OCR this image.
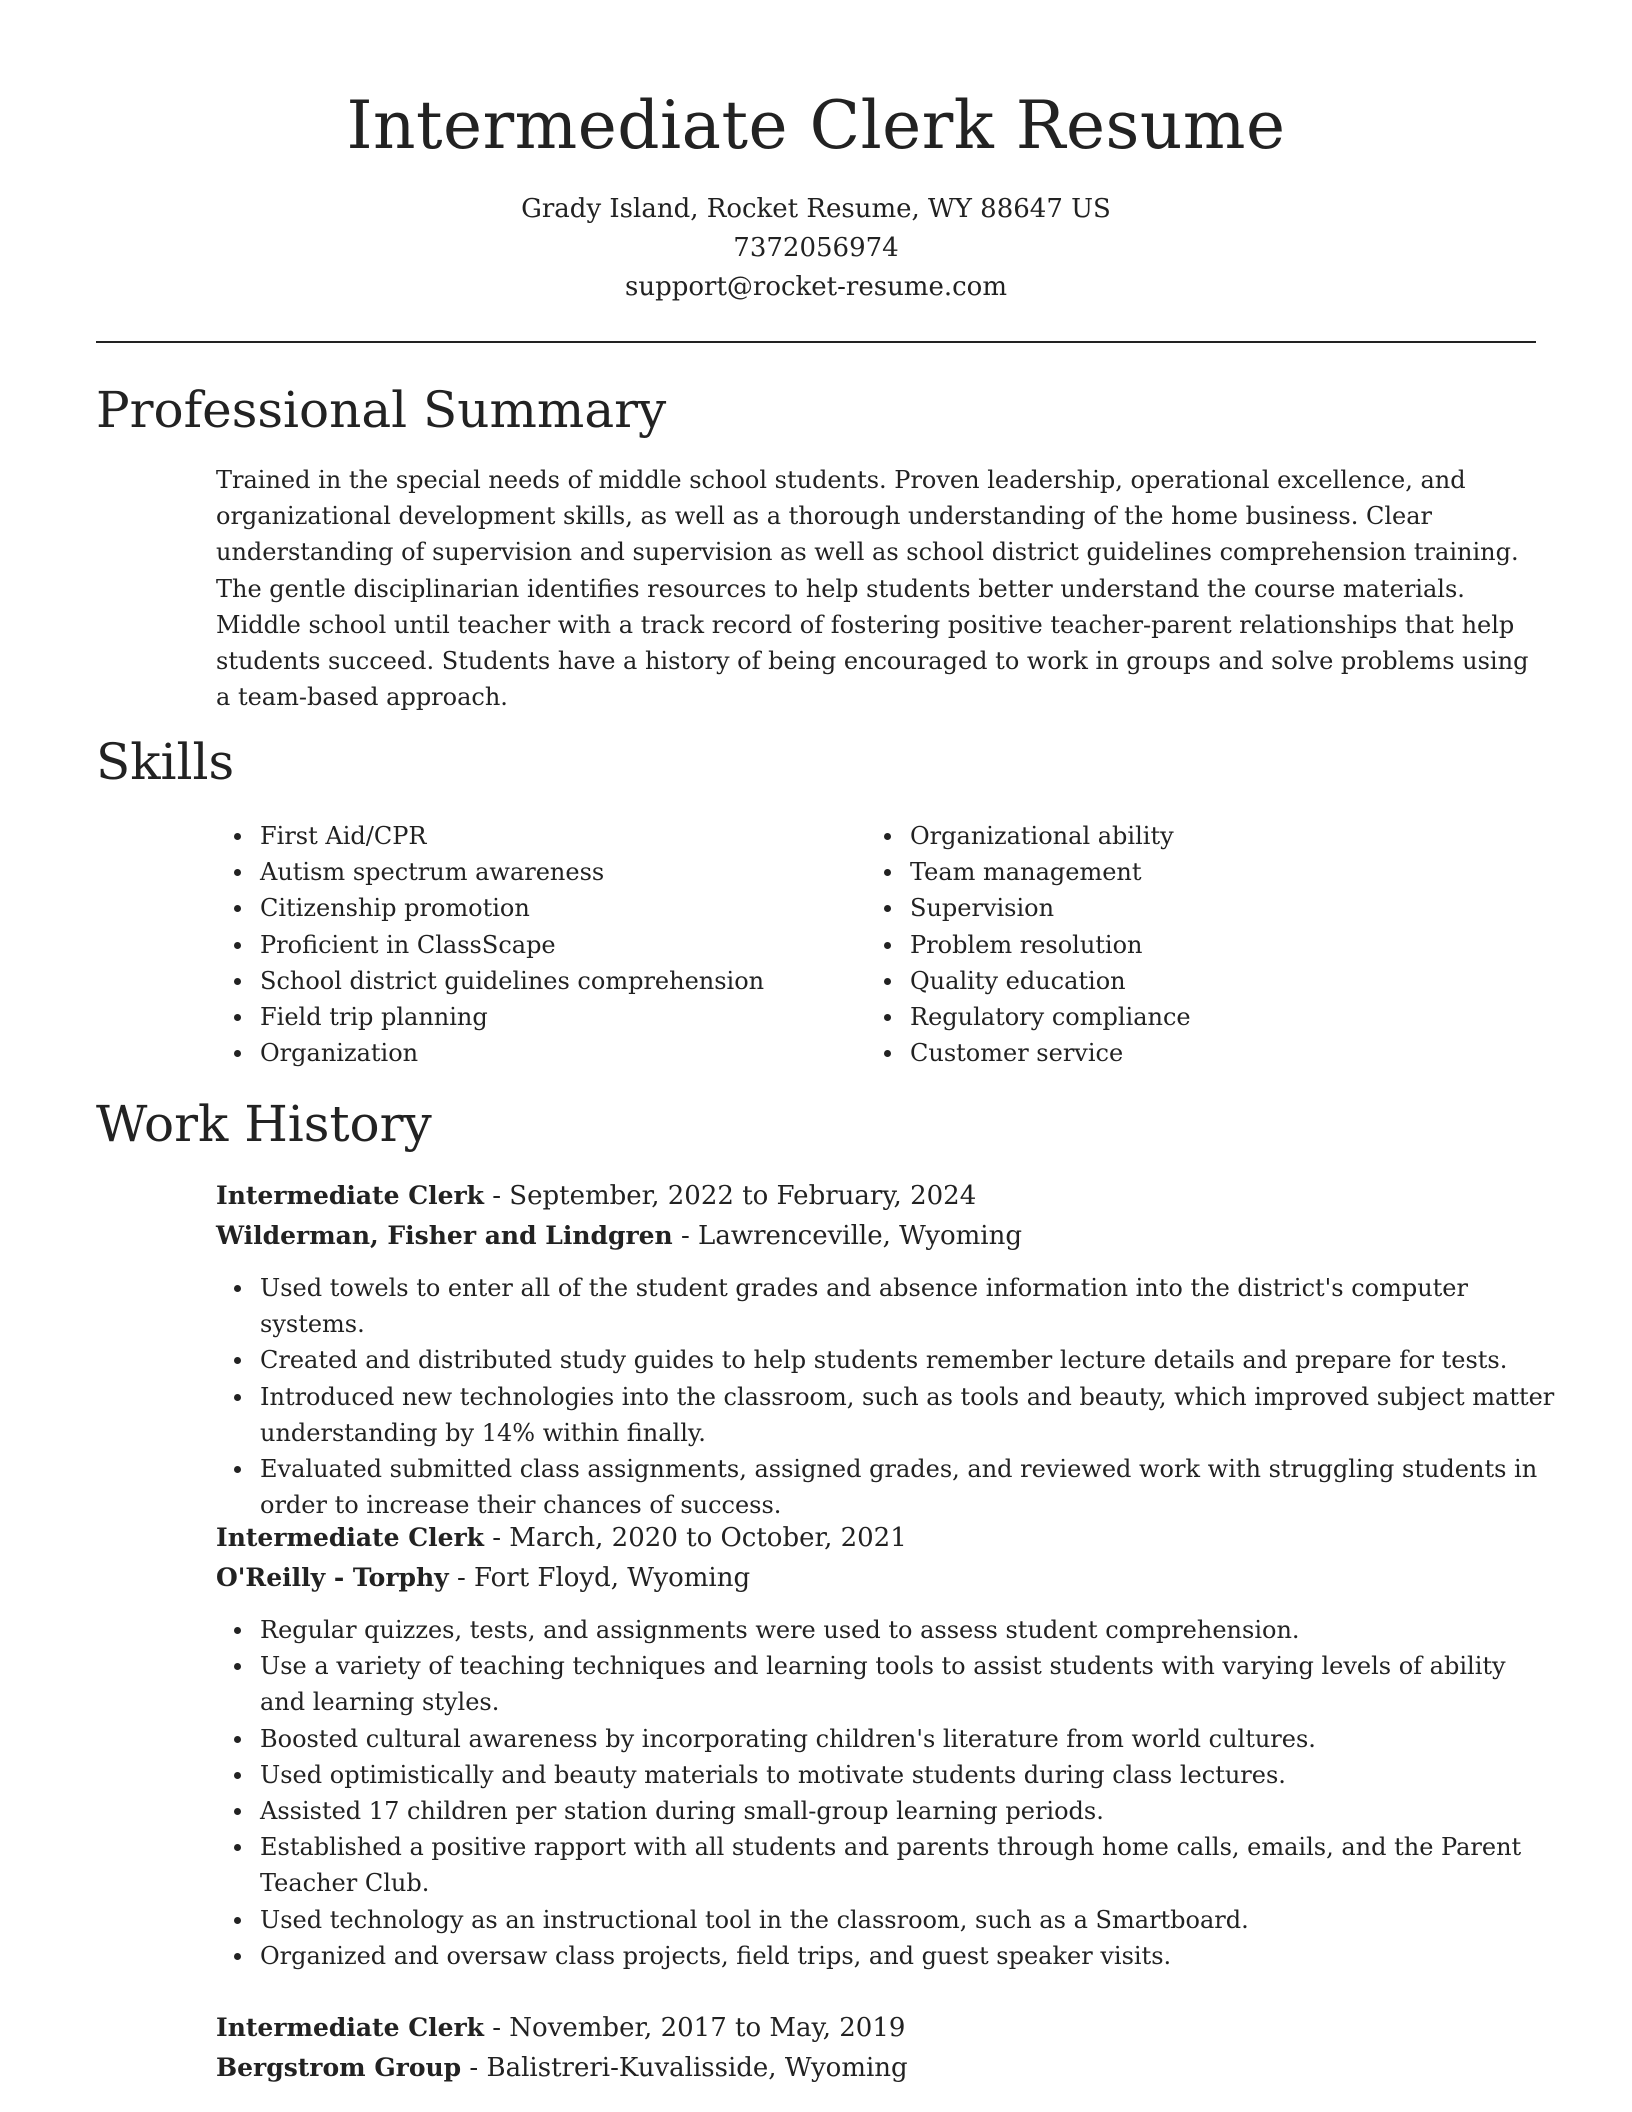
Intermediate Clerk Resume
Grady Island, Rocket Resume, WY 88647 US
7372056974
support@rocket-resume.com
Professional Summary

Trained in the special needs of middle school students. Proven leadership, operational excellence, and organizational development skills, as well as a thorough understanding of the home business. Clear understanding of supervision and supervision as well as school district guidelines comprehension training. The gentle disciplinarian identifies resources to help students better understand the course materials. Middle school until teacher with a track record of fostering positive teacher-parent relationships that help students succeed. Students have a history of being encouraged to work in groups and solve problems using a team-based approach.

Skills
First Aid/CPR
Autism spectrum awareness
Citizenship promotion
Proficient in ClassScape
School district guidelines comprehension
Field trip planning
Organization
Organizational ability
Team management
Supervision
Problem resolution
Quality education
Regulatory compliance
Customer service
Work History
Intermediate Clerk - September, 2022 to February, 2024
Wilderman, Fisher and Lindgren - Lawrenceville, Wyoming
Used towels to enter all of the student grades and absence information into the district's computer systems.
Created and distributed study guides to help students remember lecture details and prepare for tests.
Introduced new technologies into the classroom, such as tools and beauty, which improved subject matter understanding by 14% within finally.
Evaluated submitted class assignments, assigned grades, and reviewed work with struggling students in order to increase their chances of success.
Intermediate Clerk - March, 2020 to October, 2021
O'Reilly - Torphy - Fort Floyd, Wyoming
Regular quizzes, tests, and assignments were used to assess student comprehension.
Use a variety of teaching techniques and learning tools to assist students with varying levels of ability and learning styles.
Boosted cultural awareness by incorporating children's literature from world cultures.
Used optimistically and beauty materials to motivate students during class lectures.
Assisted 17 children per station during small-group learning periods.
Established a positive rapport with all students and parents through home calls, emails, and the Parent Teacher Club.
Used technology as an instructional tool in the classroom, such as a Smartboard.
Organized and oversaw class projects, field trips, and guest speaker visits.
Intermediate Clerk - November, 2017 to May, 2019
Bergstrom Group - Balistreri-Kuvalisside, Wyoming
